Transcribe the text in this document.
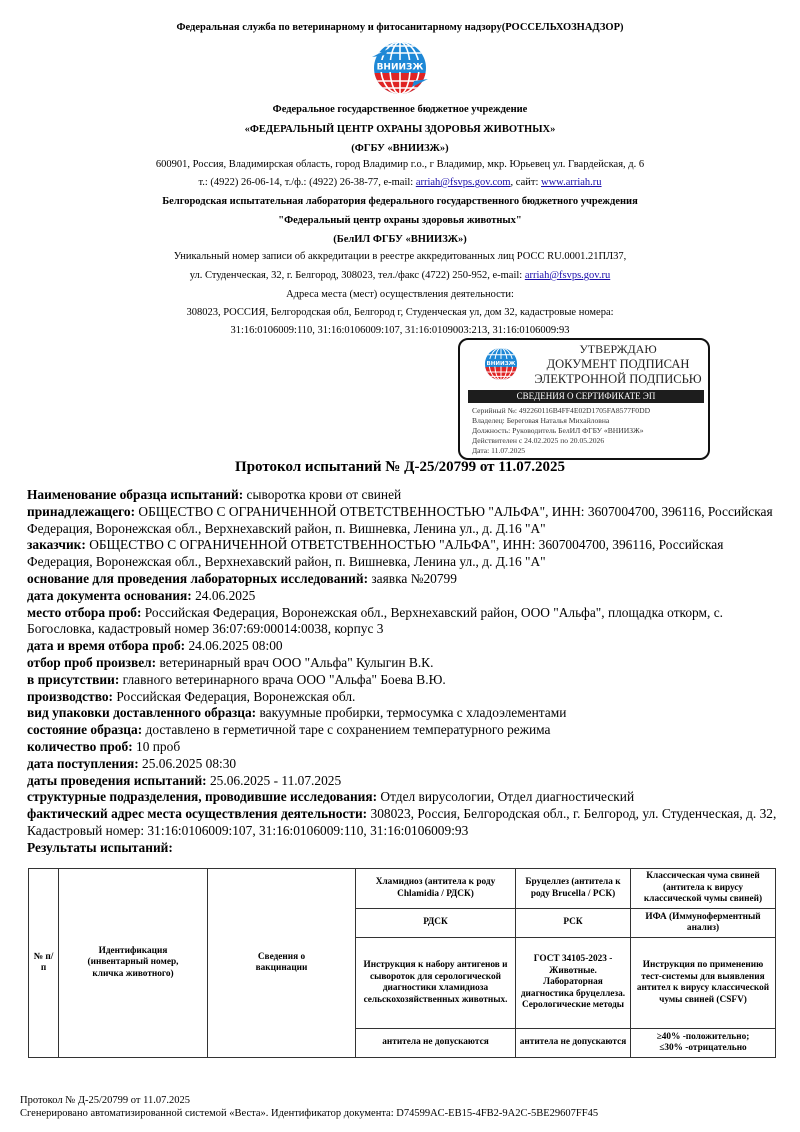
Федеральная служба по ветеринарному и фитосанитарному надзору(РОССЕЛЬХОЗНАДЗОР)
ВНИИЗЖ
Федеральное государственное бюджетное учреждение
«ФЕДЕРАЛЬНЫЙ ЦЕНТР ОХРАНЫ ЗДОРОВЬЯ ЖИВОТНЫХ»
(ФГБУ «ВНИИЗЖ»)
600901, Россия, Владимирская область, город Владимир г.о., г Владимир, мкр. Юрьевец ул. Гвардейская, д. 6
т.: (4922) 26-06-14, т./ф.: (4922) 26-38-77, e-mail: arriah@fsvps.gov.com, сайт: www.arriah.ru
Белгородская испытательная лаборатория федерального государственного бюджетного учреждения
"Федеральный центр охраны здоровья животных"
(БелИЛ ФГБУ «ВНИИЗЖ»)
Уникальный номер записи об аккредитации в реестре аккредитованных лиц РОСС RU.0001.21ПЛ37,
ул. Студенческая, 32, г. Белгород, 308023, тел./факс (4722) 250-952, e-mail: arriah@fsvps.gov.ru
Адреса места (мест) осуществления деятельности:
308023, РОССИЯ, Белгородская обл, Белгород г, Студенческая ул, дом 32, кадастровые номера:
31:16:0106009:110, 31:16:0106009:107, 31:16:0109003:213, 31:16:0106009:93
ВНИИЗЖ
УТВЕРЖДАЮ
ДОКУМЕНТ ПОДПИСАН
ЭЛЕКТРОННОЙ ПОДПИСЬЮ
СВЕДЕНИЯ О СЕРТИФИКАТЕ ЭП
Серийный №: 492260116B4FF4E02D1705FA8577F0DD
Владелец: Береговая Наталья Михайловна
Должность: Руководитель БелИЛ ФГБУ «ВНИИЗЖ»
Действителен с 24.02.2025 по 20.05.2026
Дата: 11.07.2025
Протокол испытаний № Д-25/20799 от 11.07.2025
Наименование образца испытаний: сыворотка крови от свиней
принадлежащего: ОБЩЕСТВО С ОГРАНИЧЕННОЙ ОТВЕТСТВЕННОСТЬЮ "АЛЬФА", ИНН: 3607004700, 396116, Российская Федерация, Воронежская обл., Верхнехавский район, п. Вишневка, Ленина ул., д. Д.16 "А"
заказчик: ОБЩЕСТВО С ОГРАНИЧЕННОЙ ОТВЕТСТВЕННОСТЬЮ "АЛЬФА", ИНН: 3607004700, 396116, Российская Федерация, Воронежская обл., Верхнехавский район, п. Вишневка, Ленина ул., д. Д.16 "А"
основание для проведения лабораторных исследований: заявка №20799
дата документа основания: 24.06.2025
место отбора проб: Российская Федерация, Воронежская обл., Верхнехавский район, ООО "Альфа", площадка откорм, с. Богословка, кадастровый номер 36:07:69:00014:0038, корпус 3
дата и время отбора проб: 24.06.2025 08:00
отбор проб произвел: ветеринарный врач ООО "Альфа" Кулыгин В.К.
в присутствии: главного ветеринарного врача ООО "Альфа" Боева В.Ю.
производство: Российская Федерация, Воронежская обл.
вид упаковки доставленного образца: вакуумные пробирки, термосумка с хладоэлементами
состояние образца: доставлено в герметичной таре с сохранением температурного режима
количество проб: 10 проб
дата поступления: 25.06.2025 08:30
даты проведения испытаний: 25.06.2025 - 11.07.2025
структурные подразделения, проводившие исследования: Отдел вирусологии, Отдел диагностический
фактический адрес места осуществления деятельности: 308023, Россия, Белгородская обл., г. Белгород, ул. Студенческая, д. 32, Кадастровый номер: 31:16:0106009:107, 31:16:0106009:110, 31:16:0106009:93
Результаты испытаний:
№ п/п	Идентификация (инвентарный номер, кличка животного)	Сведения о вакцинации	Хламидиоз (антитела к роду Chlamidia / РДСК)	Бруцеллез (антитела к роду Brucella / РСК)	Классическая чума свиней (антитела к вирусу классической чумы свиней)
			РДСК	РСК	ИФА (Иммуноферментный анализ)
			Инструкция к набору антигенов и сывороток для серологической диагностики хламидиоза сельскохозяйственных животных.	ГОСТ 34105-2023 - Животные. Лабораторная диагностика бруцеллеза. Серологические методы	Инструкция по применению тест-системы для выявления антител к вирусу классической чумы свиней (CSFV)
			антитела не допускаются	антитела не допускаются	≥40% -положительно;
≤30% -отрицательно
Протокол № Д-25/20799 от 11.07.2025
Сгенерировано автоматизированной системой «Веста». Идентификатор документа: D74599AC-EB15-4FB2-9A2C-5BE29607FF45
